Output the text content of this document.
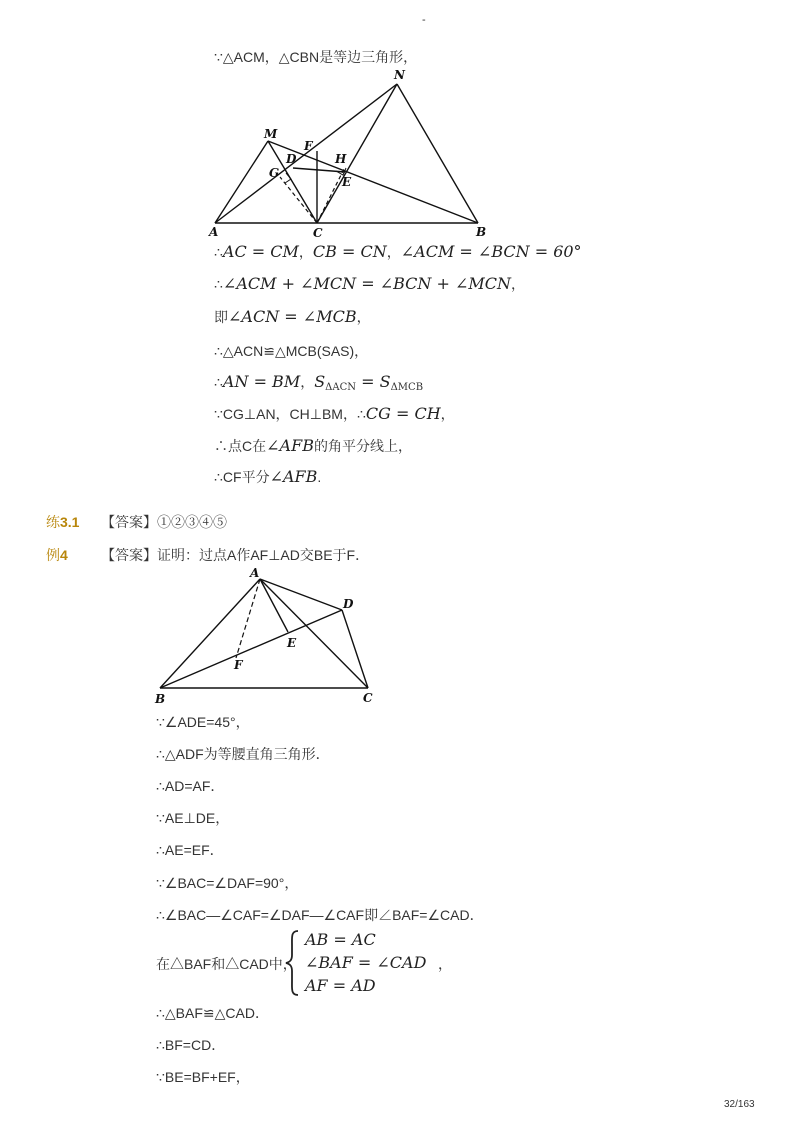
-
∵△ACM，△CBN是等边三角形，
N
M
F
D	H
G
E
A	C	B
∴AC = CM，CB = CN，∠ACM = ∠BCN = 60°
∴∠ACM + ∠MCN = ∠BCN + ∠MCN，
即∠ACN = ∠MCB，
∴△ACN≌△MCB(SAS)，
∴AN = BM，$S_{\Delta ACN} = S_{\Delta MCB}$
∵CG⊥AN，CH⊥BM，∴CG = CH，
∴点C在∠AFB的角平分线上，
∴CF平分∠AFB.
练3.1 【答案】①②③④⑤
例4 【答案】证明：过点A作AF⊥AD交BE于F．
A
D
E
F
B	C
∵∠ADE=45°，
∴△ADF为等腰直角三角形．
∴AD=AF．
∵AE⊥DE，
∴AE=EF．
∵∠BAC=∠DAF=90°，
∴∠BAC—∠CAF=∠DAF—∠CAF即∠BAF=∠CAD．
在△BAF和△CAD中，
AB = AC
∠BAF = ∠CAD
AF = AD
，
∴△BAF≌△CAD．
∴BF=CD．
∵BE=BF+EF，
32/163
